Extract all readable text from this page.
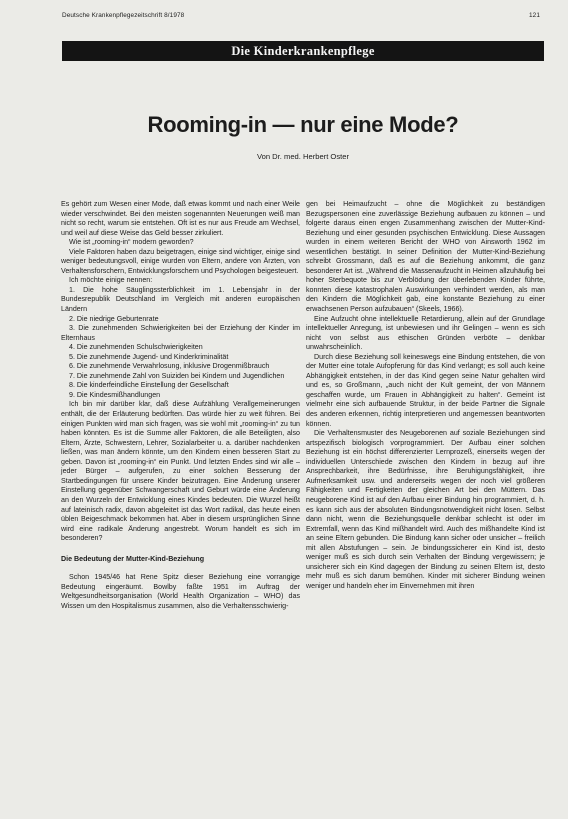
Deutsche Krankenpflegezeitschrift 8/1978	121
Die Kinderkrankenpflege
Rooming-in — nur eine Mode?
Von Dr. med. Herbert Oster

Es gehört zum Wesen einer Mode, daß etwas kommt und nach einer Weile wieder verschwindet. Bei den meisten sogenannten Neuerungen weiß man nicht so recht, warum sie entstehen. Oft ist es nur aus Freude am Wechsel, und weil auf diese Weise das Geld besser zirkuliert.

Wie ist „rooming-in“ modern geworden?

Viele Faktoren haben dazu beigetragen, einige sind wichtiger, einige sind weniger bedeutungsvoll, einige wurden von Eltern, andere von Ärzten, von Verhaltensforschern, Entwicklungsforschern und Psychologen beigesteuert.

Ich möchte einige nennen:

1. Die hohe Säuglingssterblichkeit im 1. Lebensjahr in der Bundesrepublik Deutschland im Vergleich mit anderen europäischen Ländern

2. Die niedrige Geburtenrate

3. Die zunehmenden Schwierigkeiten bei der Erziehung der Kinder im Elternhaus

4. Die zunehmenden Schulschwierigkeiten

5. Die zunehmende Jugend- und Kinderkriminalität

6. Die zunehmende Verwahrlosung, inklusive Drogenmißbrauch

7. Die zunehmende Zahl von Suiziden bei Kindern und Jugendlichen

8. Die kinderfeindliche Einstellung der Gesellschaft

9. Die Kindesmißhandlungen

Ich bin mir darüber klar, daß diese Aufzählung Verallgemeinerungen enthält, die der Erläuterung bedürften. Das würde hier zu weit führen. Bei einigen Punkten wird man sich fragen, was sie wohl mit „rooming-in“ zu tun haben könnten. Es ist die Summe aller Faktoren, die alle Beteiligten, also Eltern, Ärzte, Schwestern, Lehrer, Sozialarbeiter u. a. darüber nachdenken ließen, was man ändern könnte, um den Kindern einen besseren Start zu geben. Davon ist „rooming-in“ ein Punkt. Und letzten Endes sind wir alle – jeder Bürger – aufgerufen, zu einer solchen Besserung der Startbedingungen für unsere Kinder beizutragen. Eine Änderung unserer Einstellung gegenüber Schwangerschaft und Geburt würde eine Änderung an den Wurzeln der Entwicklung eines Kindes bedeuten. Die Wurzel heißt auf lateinisch radix, davon abgeleitet ist das Wort radikal, das heute einen üblen Beigeschmack bekommen hat. Aber in diesem ursprünglichen Sinne wird eine radikale Änderung angestrebt. Worum handelt es sich im besonderen?

Die Bedeutung der Mutter-Kind-Beziehung

Schon 1945/46 hat Rene Spitz dieser Beziehung eine vorrangige Bedeutung eingeräumt. Bowlby faßte 1951 im Auftrag der Weltgesundheitsorganisation (World Health Organization – WHO) das Wissen um den Hospitalismus zusammen, also die Verhaltensschwierig-

gen bei Heimaufzucht – ohne die Möglichkeit zu beständigen Bezugspersonen eine zuverlässige Beziehung aufbauen zu können – und folgerte daraus einen engen Zusammenhang zwischen der Mutter-Kind-Beziehung und einer gesunden psychischen Entwicklung. Diese Aussagen wurden in einem weiteren Bericht der WHO von Ainsworth 1962 im wesentlichen bestätigt. In seiner Definition der Mutter-Kind-Beziehung schreibt Grossmann, daß es auf die Beziehung ankommt, die ganz besonderer Art ist. „Während die Massenaufzucht in Heimen allzuhäufig bei hoher Sterbequote bis zur Verblödung der überlebenden Kinder führte, konnten diese katastrophalen Auswirkungen verhindert werden, als man den Kindern die Möglichkeit gab, eine konstante Beziehung zu einer erwachsenen Person aufzubauen“ (Skeels, 1966).

Eine Aufzucht ohne intellektuelle Retardierung, allein auf der Grundlage intellektueller Anregung, ist unbewiesen und ihr Gelingen – wenn es sich nicht von selbst aus ethischen Gründen verböte – denkbar unwahrscheinlich.

Durch diese Beziehung soll keineswegs eine Bindung entstehen, die von der Mutter eine totale Aufopferung für das Kind verlangt; es soll auch keine Abhängigkeit entstehen, in der das Kind gegen seine Natur gehalten wird und es, so Großmann, „auch nicht der Kult gemeint, der von Männern geschaffen wurde, um Frauen in Abhängigkeit zu halten“. Gemeint ist vielmehr eine sich aufbauende Struktur, in der beide Partner die Signale des anderen erkennen, richtig interpretieren und angemessen beantworten können.

Die Verhaltensmuster des Neugeborenen auf soziale Beziehungen sind artspezifisch biologisch vorprogrammiert. Der Aufbau einer solchen Beziehung ist ein höchst differenzierter Lernprozeß, einerseits wegen der individuellen Unterschiede zwischen den Kindern in bezug auf ihre Ansprechbarkeit, ihre Bedürfnisse, ihre Beruhigungsfähigkeit, ihre Aufmerksamkeit usw. und andererseits wegen der noch viel größeren Fähigkeiten und Fertigkeiten der gleichen Art bei den Müttern. Das neugeborene Kind ist auf den Aufbau einer Bindung hin programmiert, d. h. es kann sich aus der absoluten Bindungsnotwendigkeit nicht lösen. Selbst dann nicht, wenn die Beziehungsquelle denkbar schlecht ist oder im Extremfall, wenn das Kind mißhandelt wird. Auch des mißhandelte Kind ist an seine Eltern gebunden. Die Bindung kann sicher oder unsicher – freilich mit allen Abstufungen – sein. Je bindungssicherer ein Kind ist, desto weniger muß es sich durch sein Verhalten der Bindung vergewissern; je unsicherer sich ein Kind dagegen der Bindung zu seinen Eltern ist, desto mehr muß es sich darum bemühen. Kinder mit sicherer Bindung weinen weniger und handeln eher im Einvernehmen mit ihren
